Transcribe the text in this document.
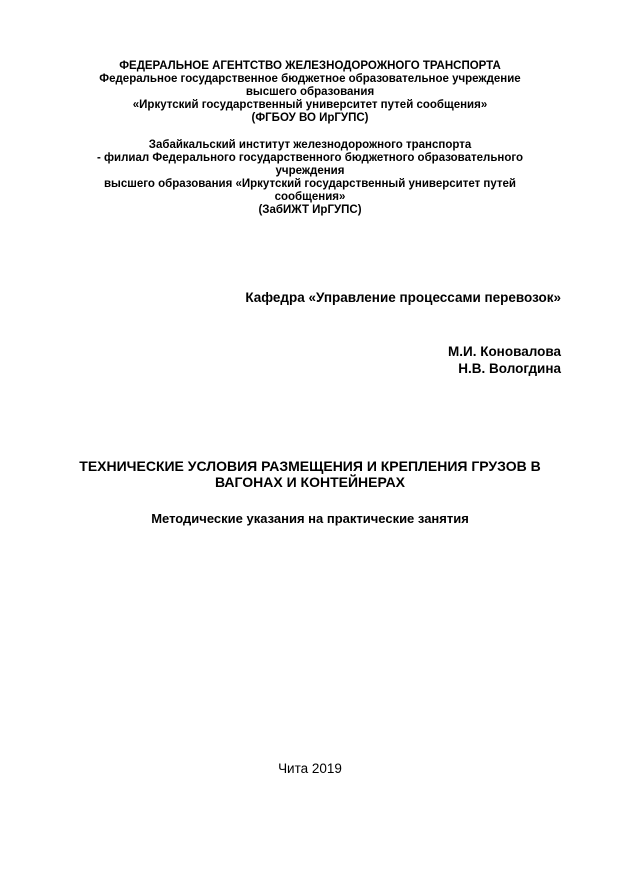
ФЕДЕРАЛЬНОЕ АГЕНТСТВО ЖЕЛЕЗНОДОРОЖНОГО ТРАНСПОРТА
Федеральное государственное бюджетное образовательное учреждение
высшего образования
«Иркутский государственный университет путей сообщения»
(ФГБОУ ВО ИрГУПС)
Забайкальский институт железнодорожного транспорта
- филиал Федерального государственного бюджетного образовательного
учреждения
высшего образования «Иркутский государственный университет путей
сообщения»
(ЗабИЖТ ИрГУПС)
Кафедра «Управление процессами перевозок»
М.И. Коновалова
Н.В. Вологдина
ТЕХНИЧЕСКИЕ УСЛОВИЯ РАЗМЕЩЕНИЯ И КРЕПЛЕНИЯ ГРУЗОВ В
ВАГОНАХ И КОНТЕЙНЕРАХ
Методические указания на практические занятия
Чита 2019
